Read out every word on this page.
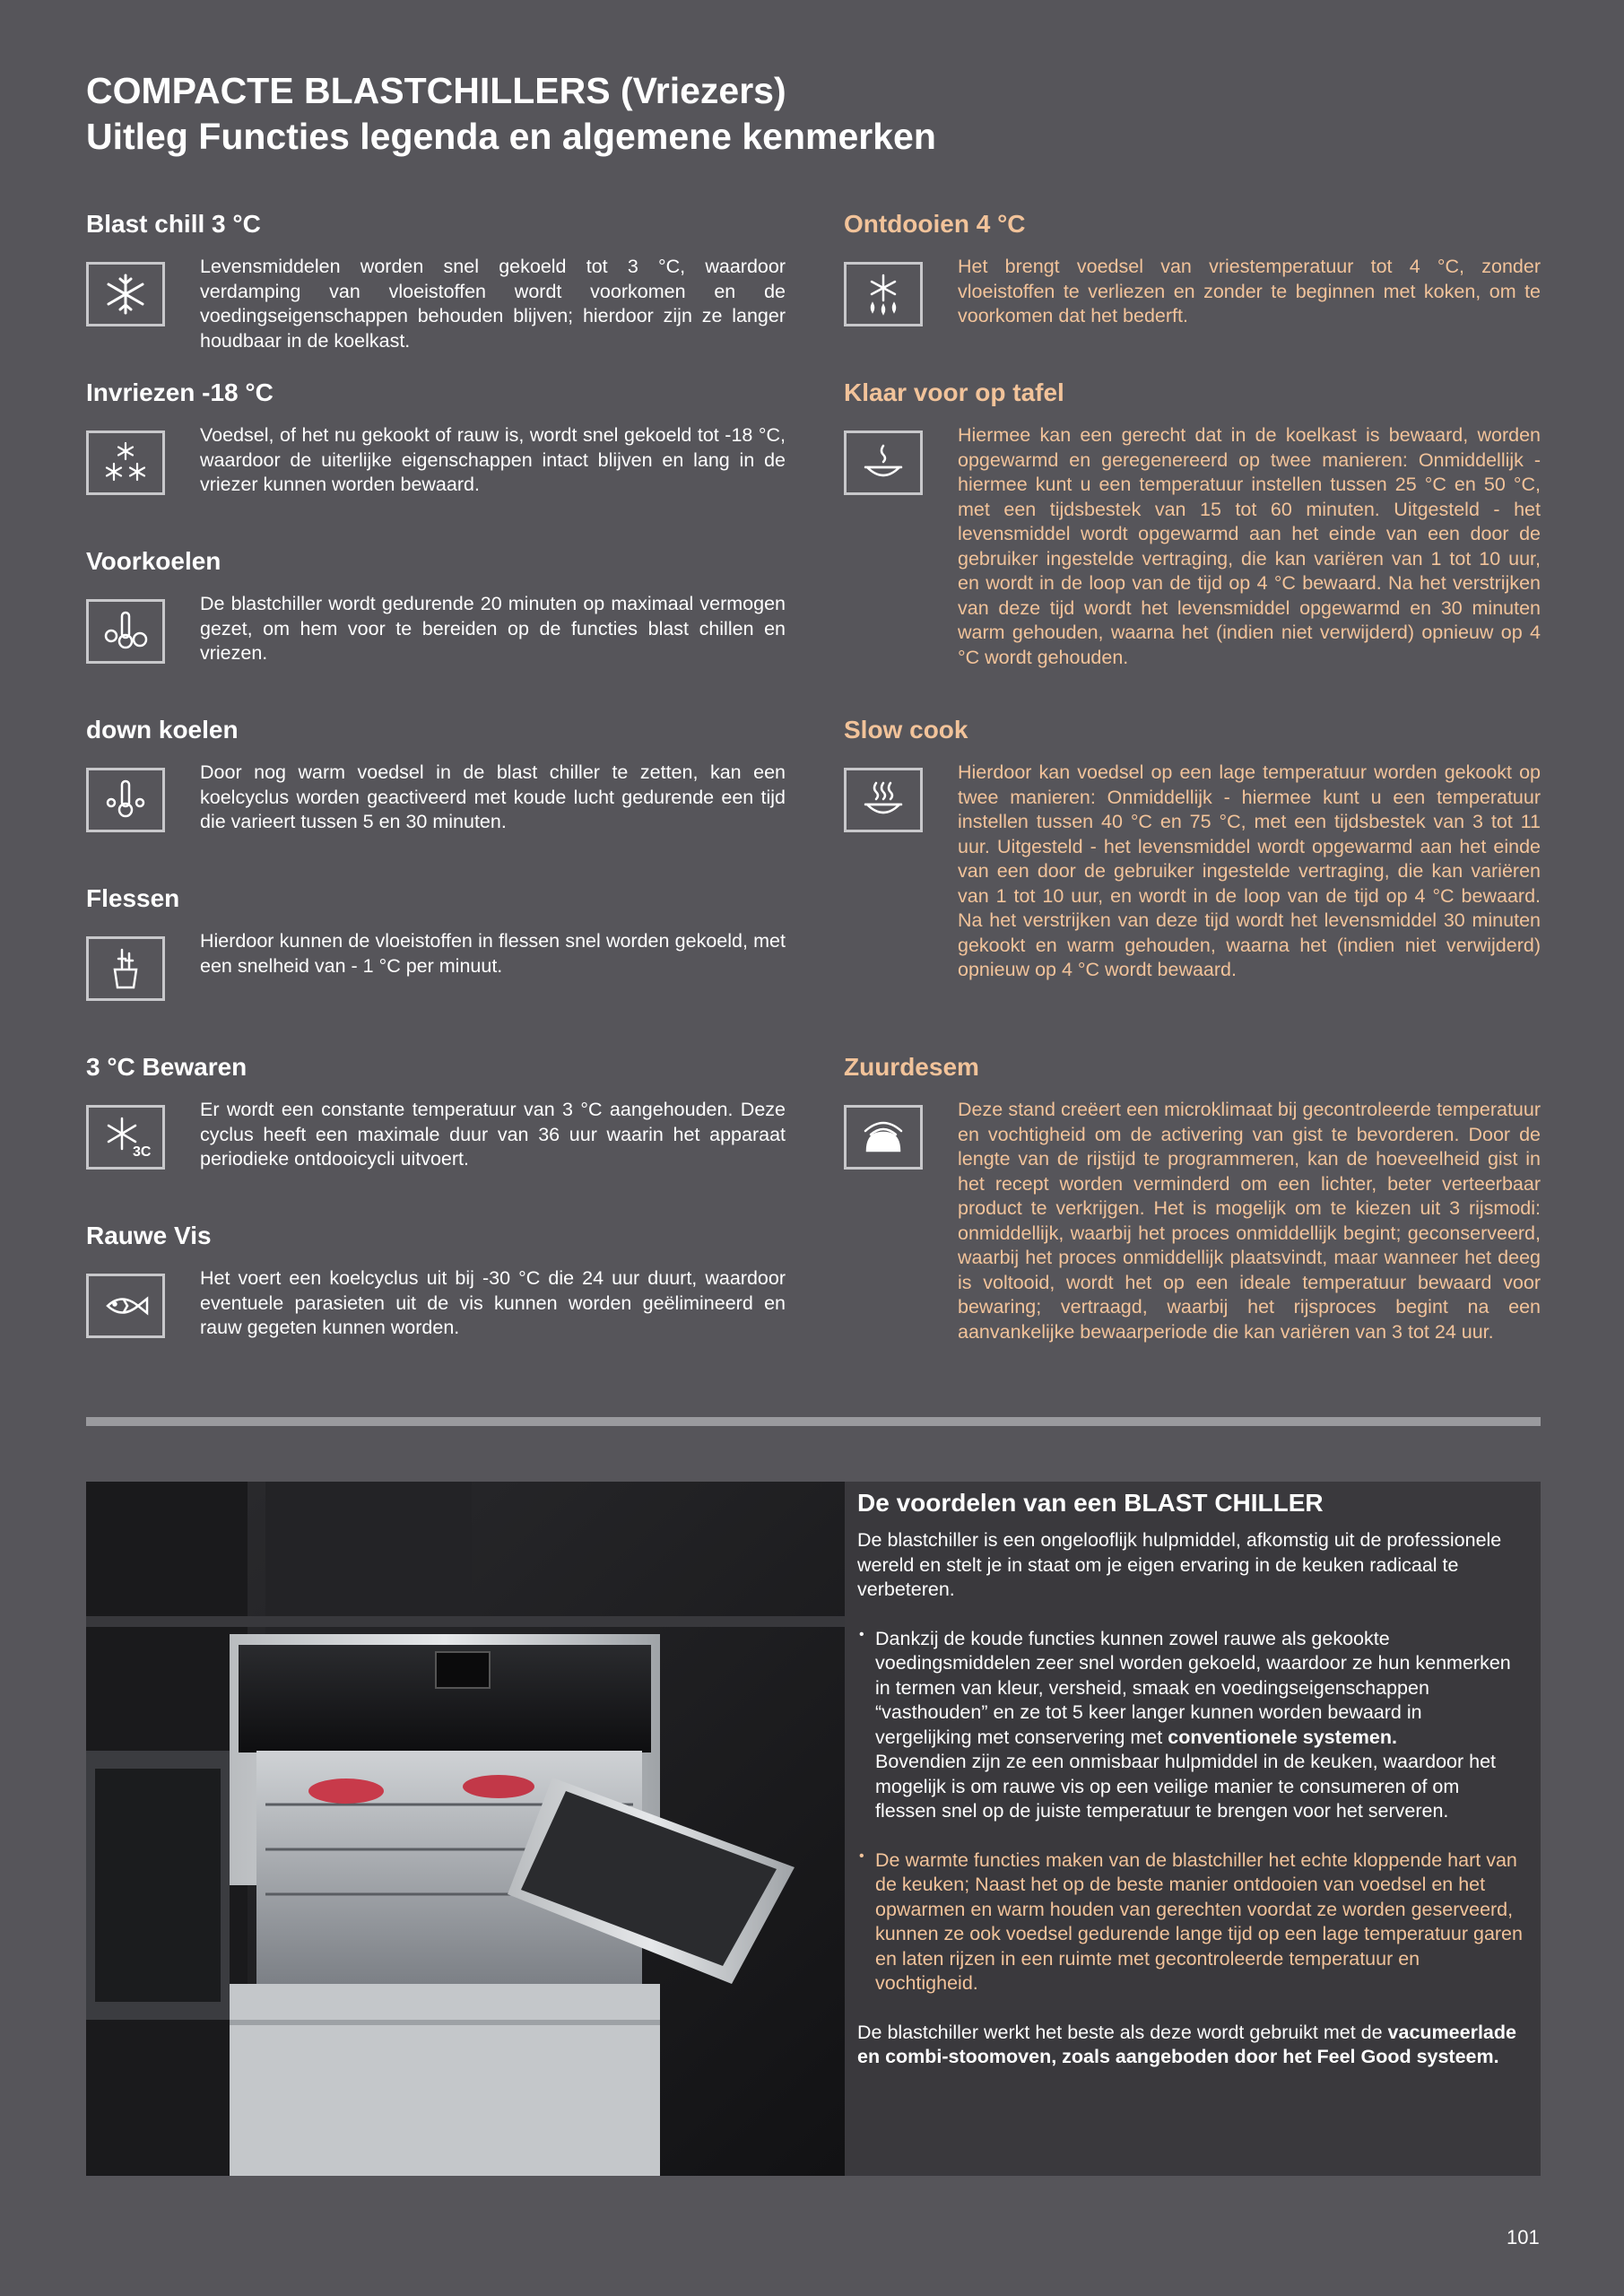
COMPACTE BLASTCHILLERS (Vriezers)
Uitleg Functies legenda en algemene kenmerken
Blast chill 3 °C

Levensmiddelen worden snel gekoeld tot 3 °C, waardoor verdamping van vloeistoffen wordt voorkomen en de voedingseigenschappen behouden blijven; hierdoor zijn ze langer houdbaar in de koelkast.

Invriezen -18 °C

Voedsel, of het nu gekookt of rauw is, wordt snel gekoeld tot -18 °C, waardoor de uiterlijke eigenschappen intact blijven en lang in de vriezer kunnen worden bewaard.

Voorkoelen

De blastchiller wordt gedurende 20 minuten op maximaal vermogen gezet, om hem voor te bereiden op de functies blast chillen en vriezen.

down koelen

Door nog warm voedsel in de blast chiller te zetten, kan een koelcyclus worden geactiveerd met koude lucht gedurende een tijd die varieert tussen 5 en 30 minuten.

Flessen

Hierdoor kunnen de vloeistoffen in flessen snel worden gekoeld, met een snelheid van - 1 °C per minuut.

3 °C Bewaren
3C

Er wordt een constante temperatuur van 3 °C aangehouden. Deze cyclus heeft een maximale duur van 36 uur waarin het apparaat periodieke ontdooicycli uitvoert.

Rauwe Vis

Het voert een koelcyclus uit bij -30 °C die 24 uur duurt, waardoor eventuele parasieten uit de vis kunnen worden geëlimineerd en rauw gegeten kunnen worden.

Ontdooien 4 °C

Het brengt voedsel van vriestemperatuur tot 4 °C, zonder vloeistoffen te verliezen en zonder te beginnen met koken, om te voorkomen dat het bederft.

Klaar voor op tafel

Hiermee kan een gerecht dat in de koelkast is bewaard, worden opgewarmd en geregenereerd op twee manieren: Onmiddellijk - hiermee kunt u een temperatuur instellen tussen 25 °C en 50 °C, met een tijdsbestek van 15 tot 60 minuten. Uitgesteld - het levensmiddel wordt opgewarmd aan het einde van een door de gebruiker ingestelde vertraging, die kan variëren van 1 tot 10 uur, en wordt in de loop van de tijd op 4 °C bewaard. Na het verstrijken van deze tijd wordt het levensmiddel opgewarmd en 30 minuten warm gehouden, waarna het (indien niet verwijderd) opnieuw op 4 °C wordt gehouden.

Slow cook

Hierdoor kan voedsel op een lage temperatuur worden gekookt op twee manieren: Onmiddellijk - hiermee kunt u een temperatuur instellen tussen 40 °C en 75 °C, met een tijdsbestek van 3 tot 11 uur. Uitgesteld - het levensmiddel wordt opgewarmd aan het einde van een door de gebruiker ingestelde vertraging, die kan variëren van 1 tot 10 uur, en wordt in de loop van de tijd op 4 °C bewaard. Na het verstrijken van deze tijd wordt het levensmiddel 30 minuten gekookt en warm gehouden, waarna het (indien niet verwijderd) opnieuw op 4 °C wordt bewaard.

Zuurdesem

Deze stand creëert een microklimaat bij gecontroleerde temperatuur en vochtigheid om de activering van gist te bevorderen. Door de lengte van de rijstijd te programmeren, kan de hoeveelheid gist in het recept worden verminderd om een lichter, beter verteerbaar product te verkrijgen. Het is mogelijk om te kiezen uit 3 rijsmodi: onmiddellijk, waarbij het proces onmiddellijk begint; geconserveerd, waarbij het proces onmiddellijk plaatsvindt, maar wanneer het deeg is voltooid, wordt het op een ideale temperatuur bewaard voor bewaring; vertraagd, waarbij het rijsproces begint na een aanvankelijke bewaarperiode die kan variëren van 3 tot 24 uur.

De voordelen van een BLAST CHILLER

De blastchiller is een ongelooflijk hulpmiddel, afkomstig uit de professionele wereld en stelt je in staat om je eigen ervaring in de keuken radicaal te verbeteren.

• Dankzij de koude functies kunnen zowel rauwe als gekookte voedingsmiddelen zeer snel worden gekoeld, waardoor ze hun kenmerken in termen van kleur, versheid, smaak en voedingseigenschappen “vasthouden” en ze tot 5 keer langer kunnen worden bewaard in vergelijking met conservering met conventionele systemen.

Bovendien zijn ze een onmisbaar hulpmiddel in de keuken, waardoor het mogelijk is om rauwe vis op een veilige manier te consumeren of om flessen snel op de juiste temperatuur te brengen voor het serveren.

• De warmte functies maken van de blastchiller het echte kloppende hart van de keuken; Naast het op de beste manier ontdooien van voedsel en het opwarmen en warm houden van gerechten voordat ze worden geserveerd, kunnen ze ook voedsel gedurende lange tijd op een lage temperatuur garen en laten rijzen in een ruimte met gecontroleerde temperatuur en vochtigheid.

De blastchiller werkt het beste als deze wordt gebruikt met de vacumeerlade en combi-stoomoven, zoals aangeboden door het Feel Good systeem.

101
